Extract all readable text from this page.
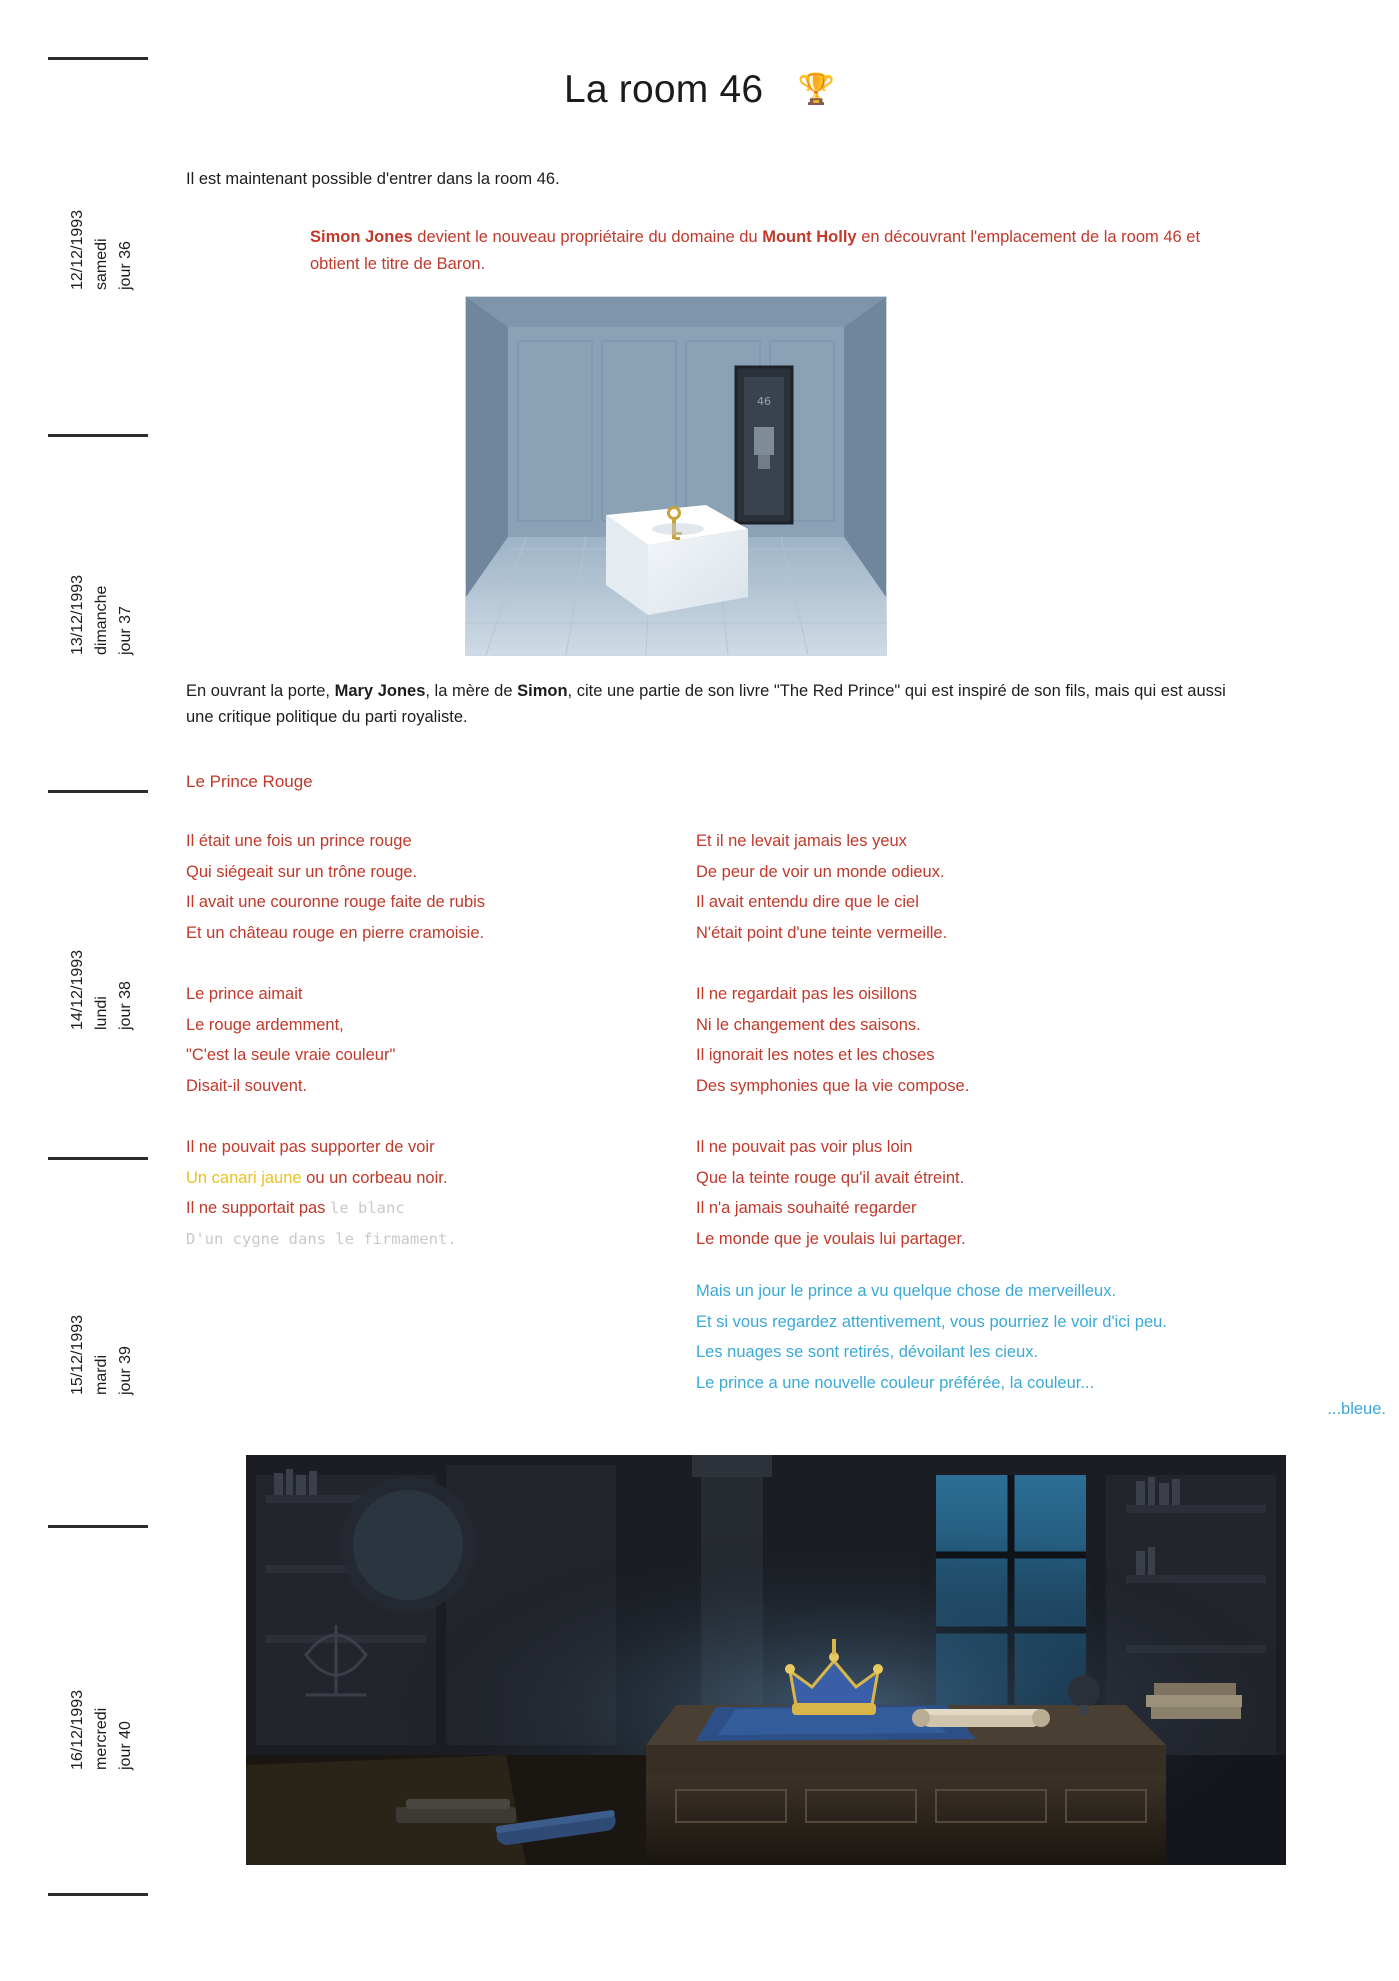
La room 46 🏆
12/12/1993 samedi jour 36
13/12/1993 dimanche jour 37
14/12/1993 lundi jour 38
15/12/1993 mardi jour 39
16/12/1993 mercredi jour 40

Il est maintenant possible d'entrer dans la room 46.

Simon Jones devient le nouveau propriétaire du domaine du Mount Holly en découvrant l'emplacement de la room 46 et obtient le titre de Baron.
46

En ouvrant la porte, Mary Jones, la mère de Simon, cite une partie de son livre "The Red Prince" qui est inspiré de son fils, mais qui est aussi une critique politique du parti royaliste.

Le Prince Rouge
Il était une fois un prince rouge
Qui siégeait sur un trône rouge.
Il avait une couronne rouge faite de rubis
Et un château rouge en pierre cramoisie.
Le prince aimait
Le rouge ardemment,
"C'est la seule vraie couleur"
Disait-il souvent.
Il ne pouvait pas supporter de voir
Un canari jaune ou un corbeau noir.
Il ne supportait pas le blanc
D'un cygne dans le firmament.
Et il ne levait jamais les yeux
De peur de voir un monde odieux.
Il avait entendu dire que le ciel
N'était point d'une teinte vermeille.
Il ne regardait pas les oisillons
Ni le changement des saisons.
Il ignorait les notes et les choses
Des symphonies que la vie compose.
Il ne pouvait pas voir plus loin
Que la teinte rouge qu'il avait étreint.
Il n'a jamais souhaité regarder
Le monde que je voulais lui partager.
Mais un jour le prince a vu quelque chose de merveilleux.
Et si vous regardez attentivement, vous pourriez le voir d'ici peu.
Les nuages se sont retirés, dévoilant les cieux.
Le prince a une nouvelle couleur préférée, la couleur...
...bleue.
